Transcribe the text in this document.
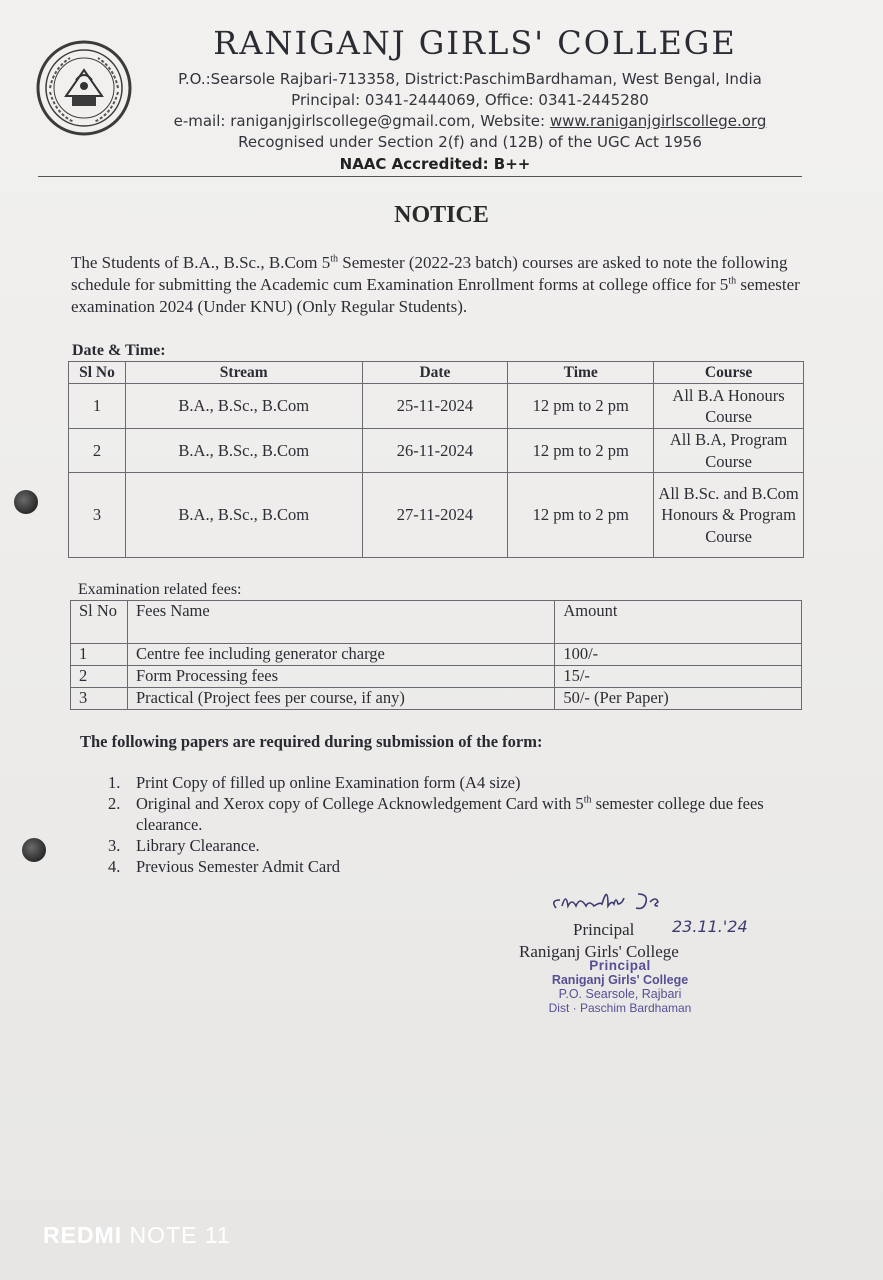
RANIGANJ GIRLS' COLLEGE
P.O.:Searsole Rajbari-713358, District:PaschimBardhaman, West Bengal, India
Principal: 0341-2444069, Office: 0341-2445280
e-mail: raniganjgirlscollege@gmail.com, Website: www.raniganjgirlscollege.org
Recognised under Section 2(f) and (12B) of the UGC Act 1956
NAAC Accredited: B++
NOTICE
The Students of B.A., B.Sc., B.Com 5th Semester (2022-23 batch) courses are asked to note the following schedule for submitting the Academic cum Examination Enrollment forms at college office for 5th semester examination 2024 (Under KNU) (Only Regular Students).
Date & Time:
Sl No	Stream	Date	Time	Course
1	B.A., B.Sc., B.Com	25-11-2024	12 pm to 2 pm	All B.A Honours Course
2	B.A., B.Sc., B.Com	26-11-2024	12 pm to 2 pm	All B.A, Program Course
3	B.A., B.Sc., B.Com	27-11-2024	12 pm to 2 pm	All B.Sc. and B.Com Honours & Program Course
Examination related fees:
Sl No	Fees Name	Amount
1	Centre fee including generator charge	100/-
2	Form Processing fees	15/-
3	Practical (Project fees per course, if any)	50/- (Per Paper)
The following papers are required during submission of the form:
1. Print Copy of filled up online Examination form (A4 size)
2. Original and Xerox copy of College Acknowledgement Card with 5th semester college due fees clearance.
3. Library Clearance.
4. Previous Semester Admit Card
23.11.'24
Principal
Raniganj Girls' College
Principal
Raniganj Girls' College
P.O. Searsole, Rajbari
Dist · Paschim Bardhaman
REDMI NOTE 11
